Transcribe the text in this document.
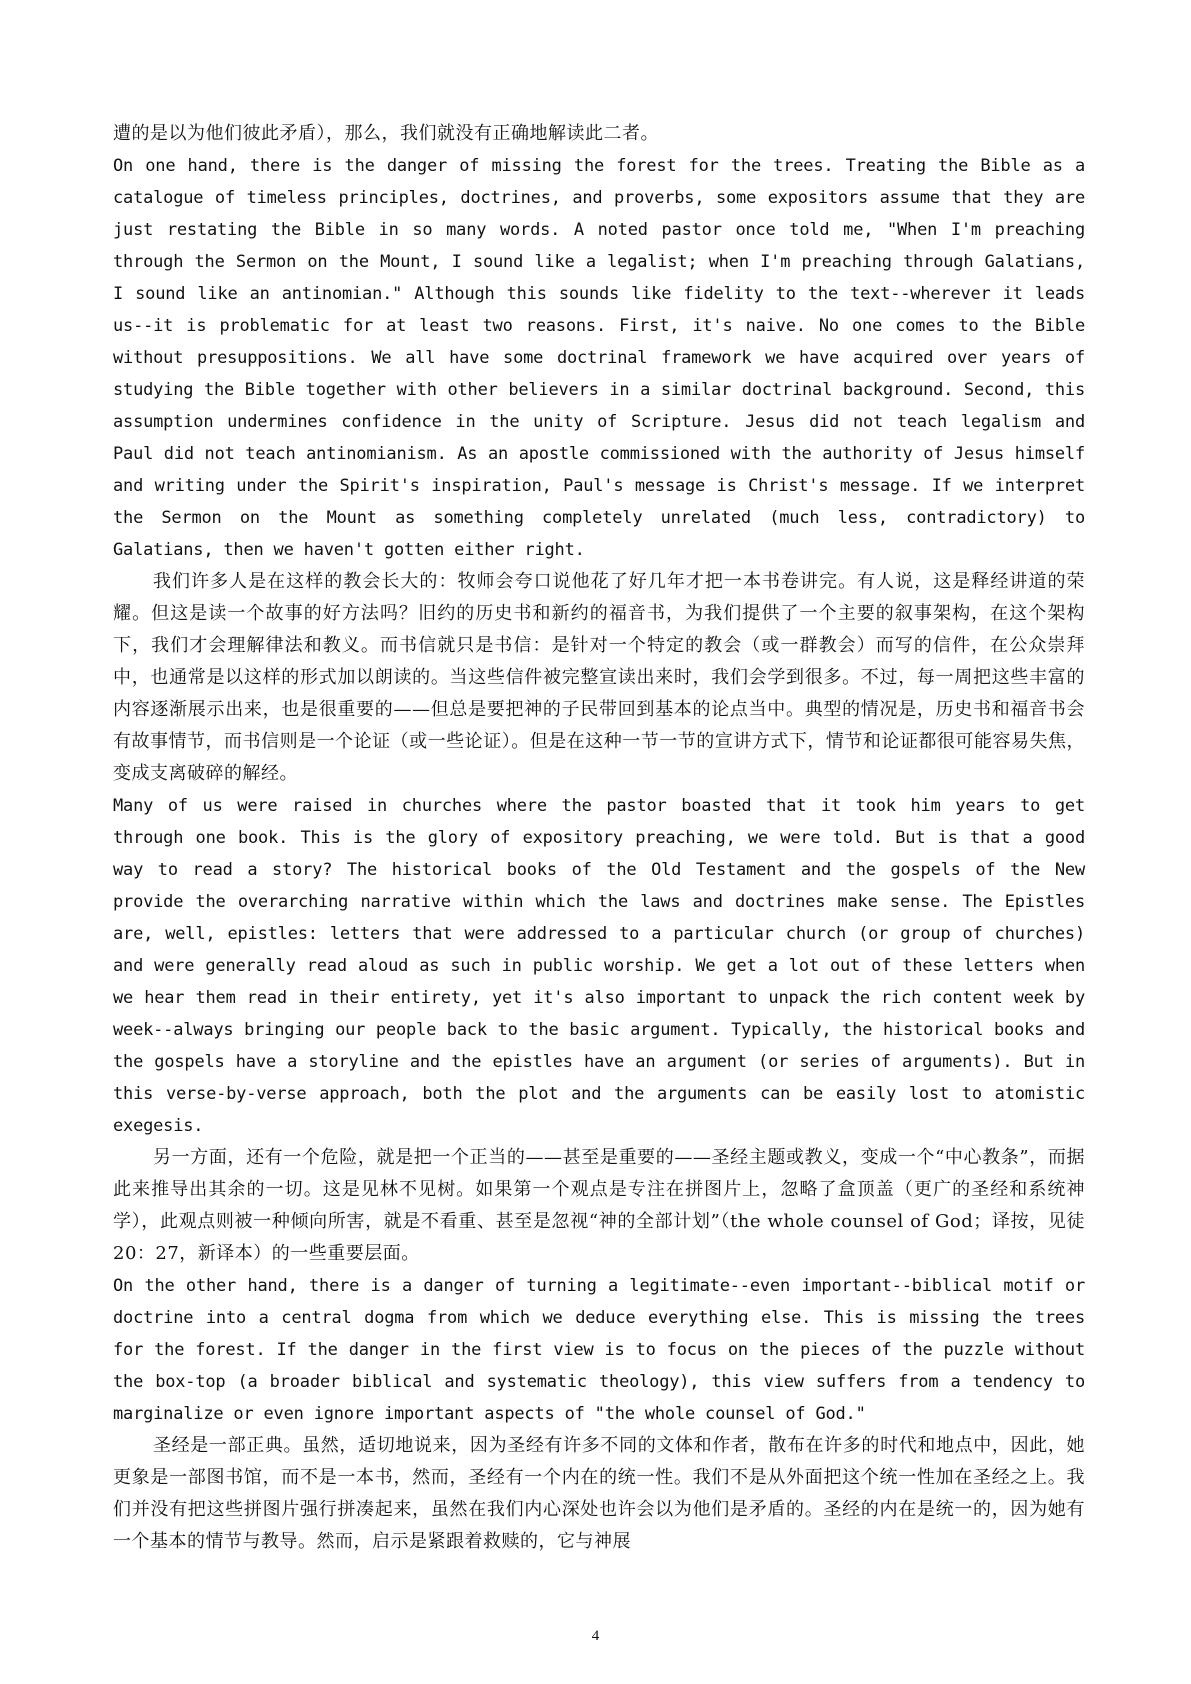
遭的是以为他们彼此矛盾），那么，我们就没有正确地解读此二者。

On one hand, there is the danger of missing the forest for the trees. Treating the Bible as a catalogue of timeless principles, doctrines, and proverbs, some expositors assume that they are just restating the Bible in so many words. A noted pastor once told me, "When I'm preaching through the Sermon on the Mount, I sound like a legalist; when I'm preaching through Galatians, I sound like an antinomian." Although this sounds like fidelity to the text--wherever it leads us--it is problematic for at least two reasons. First, it's naive. No one comes to the Bible without presuppositions. We all have some doctrinal framework we have acquired over years of studying the Bible together with other believers in a similar doctrinal background. Second, this assumption undermines confidence in the unity of Scripture. Jesus did not teach legalism and Paul did not teach antinomianism. As an apostle commissioned with the authority of Jesus himself and writing under the Spirit's inspiration, Paul's message is Christ's message. If we interpret the Sermon on the Mount as something completely unrelated (much less, contradictory) to Galatians, then we haven't gotten either right.

我们许多人是在这样的教会长大的：牧师会夸口说他花了好几年才把一本书卷讲完。有人说，这是释经讲道的荣耀。但这是读一个故事的好方法吗？旧约的历史书和新约的福音书，为我们提供了一个主要的叙事架构，在这个架构下，我们才会理解律法和教义。而书信就只是书信：是针对一个特定的教会（或一群教会）而写的信件，在公众崇拜中，也通常是以这样的形式加以朗读的。当这些信件被完整宣读出来时，我们会学到很多。不过，每一周把这些丰富的内容逐渐展示出来，也是很重要的——但总是要把神的子民带回到基本的论点当中。典型的情况是，历史书和福音书会有故事情节，而书信则是一个论证（或一些论证）。但是在这种一节一节的宣讲方式下，情节和论证都很可能容易失焦，变成支离破碎的解经。

Many of us were raised in churches where the pastor boasted that it took him years to get through one book. This is the glory of expository preaching, we were told. But is that a good way to read a story? The historical books of the Old Testament and the gospels of the New provide the overarching narrative within which the laws and doctrines make sense. The Epistles are, well, epistles: letters that were addressed to a particular church (or group of churches) and were generally read aloud as such in public worship. We get a lot out of these letters when we hear them read in their entirety, yet it's also important to unpack the rich content week by week--always bringing our people back to the basic argument. Typically, the historical books and the gospels have a storyline and the epistles have an argument (or series of arguments). But in this verse-by-verse approach, both the plot and the arguments can be easily lost to atomistic exegesis.

另一方面，还有一个危险，就是把一个正当的——甚至是重要的——圣经主题或教义，变成一个“中心教条”，而据此来推导出其余的一切。这是见林不见树。如果第一个观点是专注在拼图片上，忽略了盒顶盖（更广的圣经和系统神学），此观点则被一种倾向所害，就是不看重、甚至是忽视“神的全部计划”（the whole counsel of God；译按，见徒 20：27，新译本）的一些重要层面。

On the other hand, there is a danger of turning a legitimate--even important--biblical motif or doctrine into a central dogma from which we deduce everything else. This is missing the trees for the forest. If the danger in the first view is to focus on the pieces of the puzzle without the box-top (a broader biblical and systematic theology), this view suffers from a tendency to marginalize or even ignore important aspects of "the whole counsel of God."

圣经是一部正典。虽然，适切地说来，因为圣经有许多不同的文体和作者，散布在许多的时代和地点中，因此，她更象是一部图书馆，而不是一本书，然而，圣经有一个内在的统一性。我们不是从外面把这个统一性加在圣经之上。我们并没有把这些拼图片强行拼凑起来，虽然在我们内心深处也许会以为他们是矛盾的。圣经的内在是统一的，因为她有一个基本的情节与教导。然而，启示是紧跟着救赎的，它与神展

4
